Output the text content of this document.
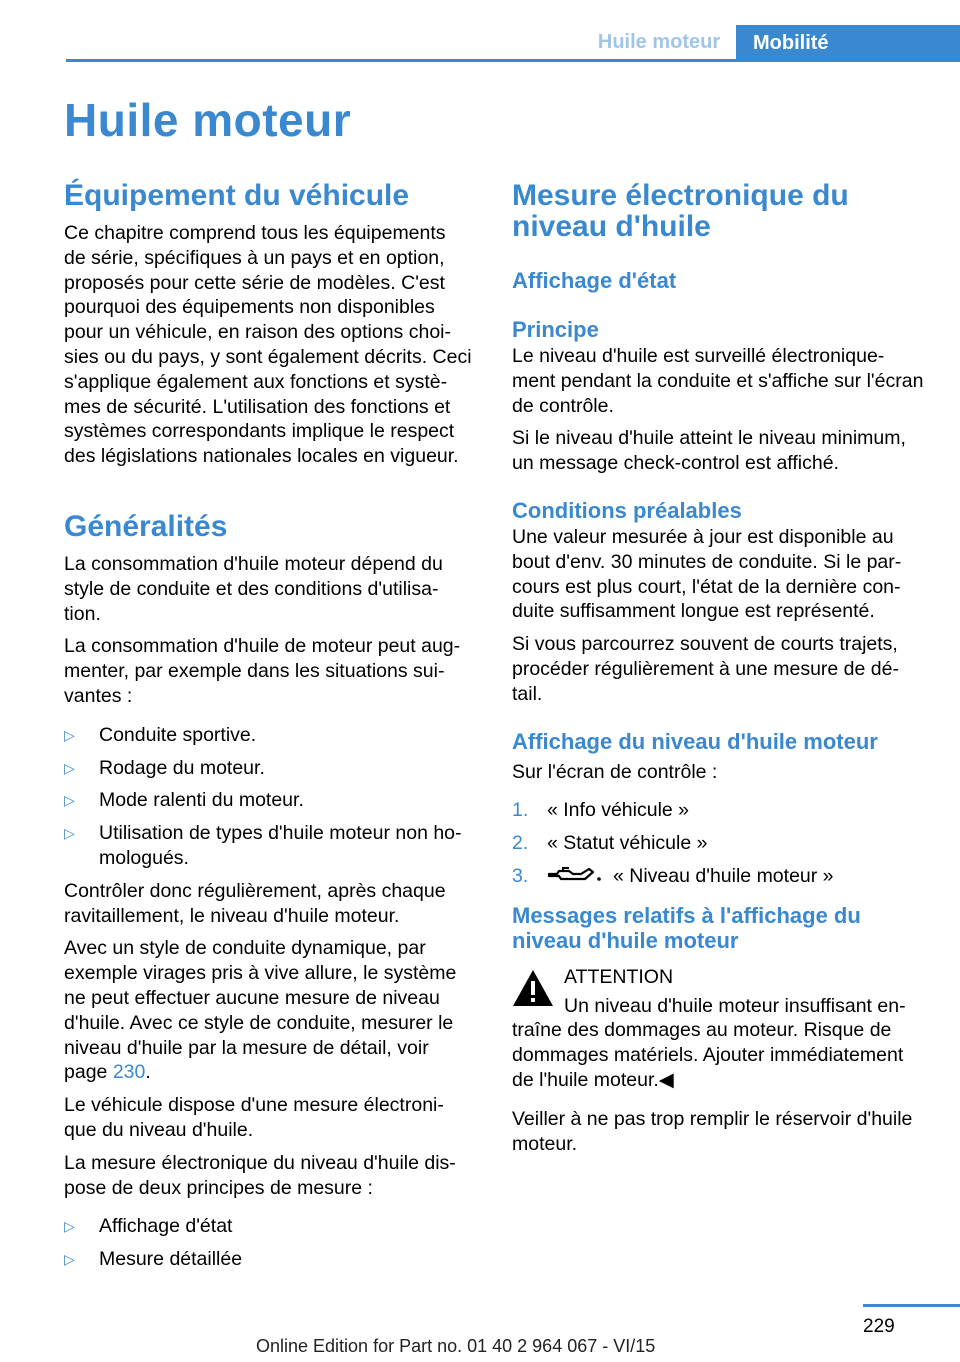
Huile moteur	Mobilité
Huile moteur
Équipement du véhicule

Ce chapitre comprend tous les équipements de série, spécifiques à un pays et en option, proposés pour cette série de modèles. C'est pourquoi des équipements non disponibles pour un véhicule, en raison des options choi-sies ou du pays, y sont également décrits. Ceci s'applique également aux fonctions et systè-mes de sécurité. L'utilisation des fonctions et systèmes correspondants implique le respect des législations nationales locales en vigueur.

Généralités

La consommation d'huile moteur dépend du style de conduite et des conditions d'utilisa-tion.

La consommation d'huile de moteur peut aug-menter, par exemple dans les situations sui-vantes :

▷ Conduite sportive.
▷ Rodage du moteur.
▷ Mode ralenti du moteur.
▷ Utilisation de types d'huile moteur non ho-mologués.

Contrôler donc régulièrement, après chaque ravitaillement, le niveau d'huile moteur.

Avec un style de conduite dynamique, par exemple virages pris à vive allure, le système ne peut effectuer aucune mesure de niveau d'huile. Avec ce style de conduite, mesurer le niveau d'huile par la mesure de détail, voir page 230.

Le véhicule dispose d'une mesure électroni-que du niveau d'huile.

La mesure électronique du niveau d'huile dis-pose de deux principes de mesure :

▷ Affichage d'état
▷ Mesure détaillée
Mesure électronique du niveau d'huile
Affichage d'état
Principe

Le niveau d'huile est surveillé électronique-ment pendant la conduite et s'affiche sur l'écran de contrôle.

Si le niveau d'huile atteint le niveau minimum, un message check-control est affiché.

Conditions préalables

Une valeur mesurée à jour est disponible au bout d'env. 30 minutes de conduite. Si le par-cours est plus court, l'état de la dernière con-duite suffisamment longue est représenté.

Si vous parcourrez souvent de courts trajets, procéder régulièrement à une mesure de dé-tail.

Affichage du niveau d'huile moteur

Sur l'écran de contrôle :

1. « Info véhicule »
2. « Statut véhicule »
3.	« Niveau d'huile moteur »
Messages relatifs à l'affichage du niveau d'huile moteur

ATTENTION

Un niveau d'huile moteur insuffisant en-traîne des dommages au moteur. Risque de dommages matériels. Ajouter immédiatement de l'huile moteur.◀

Veiller à ne pas trop remplir le réservoir d'huile moteur.

229
Online Edition for Part no. 01 40 2 964 067 - VI/15
